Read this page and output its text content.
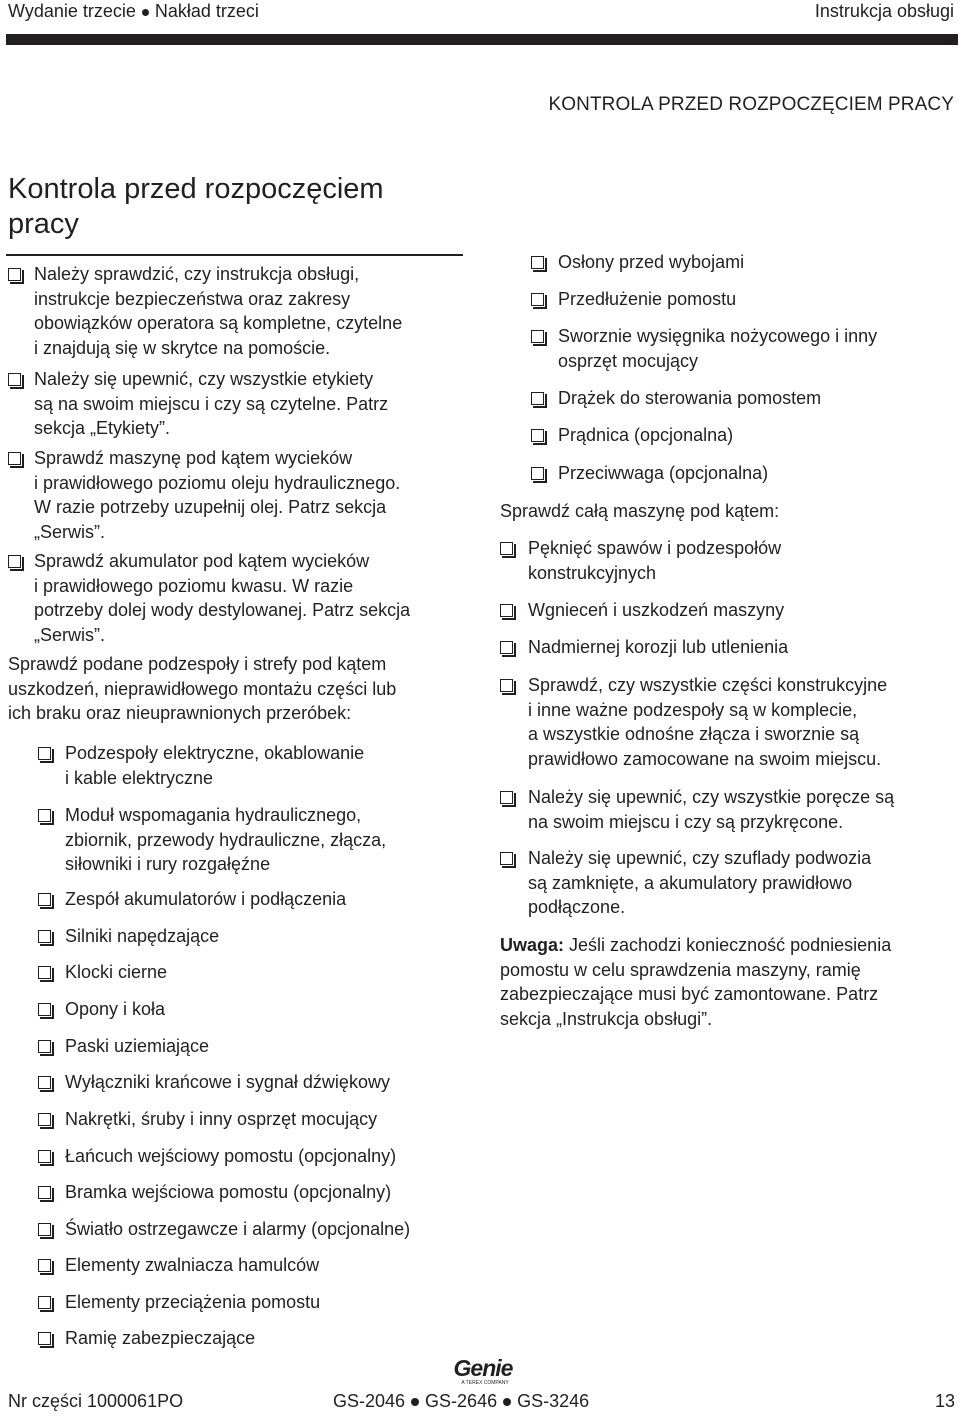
Wydanie trzecie Nakład trzeci	Instrukcja obsługi
KONTROLA PRZED ROZPOCZĘCIEM PRACY
Kontrola przed rozpoczęciem
pracy
Należy sprawdzić, czy instrukcja obsługi,
instrukcje bezpieczeństwa oraz zakresy
obowiązków operatora są kompletne, czytelne
i znajdują się w skrytce na pomoście.
Należy się upewnić, czy wszystkie etykiety
są na swoim miejscu i czy są czytelne. Patrz
sekcja „Etykiety”.
Sprawdź maszynę pod kątem wycieków
i prawidłowego poziomu oleju hydraulicznego.
W razie potrzeby uzupełnij olej. Patrz sekcja
„Serwis”.
Sprawdź akumulator pod kątem wycieków
i prawidłowego poziomu kwasu. W razie
potrzeby dolej wody destylowanej. Patrz sekcja
„Serwis”.
Sprawdź podane podzespoły i strefy pod kątem
uszkodzeń, nieprawidłowego montażu części lub
ich braku oraz nieuprawnionych przeróbek:
Podzespoły elektryczne, okablowanie
i kable elektryczne
Moduł wspomagania hydraulicznego,
zbiornik, przewody hydrauliczne, złącza,
siłowniki i rury rozgałęźne
Zespół akumulatorów i podłączenia
Silniki napędzające
Klocki cierne
Opony i koła
Paski uziemiające
Wyłączniki krańcowe i sygnał dźwiękowy
Nakrętki, śruby i inny osprzęt mocujący
Łańcuch wejściowy pomostu (opcjonalny)
Bramka wejściowa pomostu (opcjonalny)
Światło ostrzegawcze i alarmy (opcjonalne)
Elementy zwalniacza hamulców
Elementy przeciążenia pomostu
Ramię zabezpieczające
Osłony przed wybojami
Przedłużenie pomostu
Sworznie wysięgnika nożycowego i inny
osprzęt mocujący
Drążek do sterowania pomostem
Prądnica (opcjonalna)
Przeciwwaga (opcjonalna)
Sprawdź całą maszynę pod kątem:
Pęknięć spawów i podzespołów
konstrukcyjnych
Wgnieceń i uszkodzeń maszyny
Nadmiernej korozji lub utlenienia
Sprawdź, czy wszystkie części konstrukcyjne
i inne ważne podzespoły są w komplecie,
a wszystkie odnośne złącza i sworznie są
prawidłowo zamocowane na swoim miejscu.
Należy się upewnić, czy wszystkie poręcze są
na swoim miejscu i czy są przykręcone.
Należy się upewnić, czy szuflady podwozia
są zamknięte, a akumulatory prawidłowo
podłączone.
Uwaga: Jeśli zachodzi konieczność podniesienia
pomostu w celu sprawdzenia maszyny, ramię
zabezpieczające musi być zamontowane. Patrz
sekcja „Instrukcja obsługi”.
Genie
A TEREX COMPANY
Nr części 1000061PO	GS-2046 GS-2646 GS-3246	13
